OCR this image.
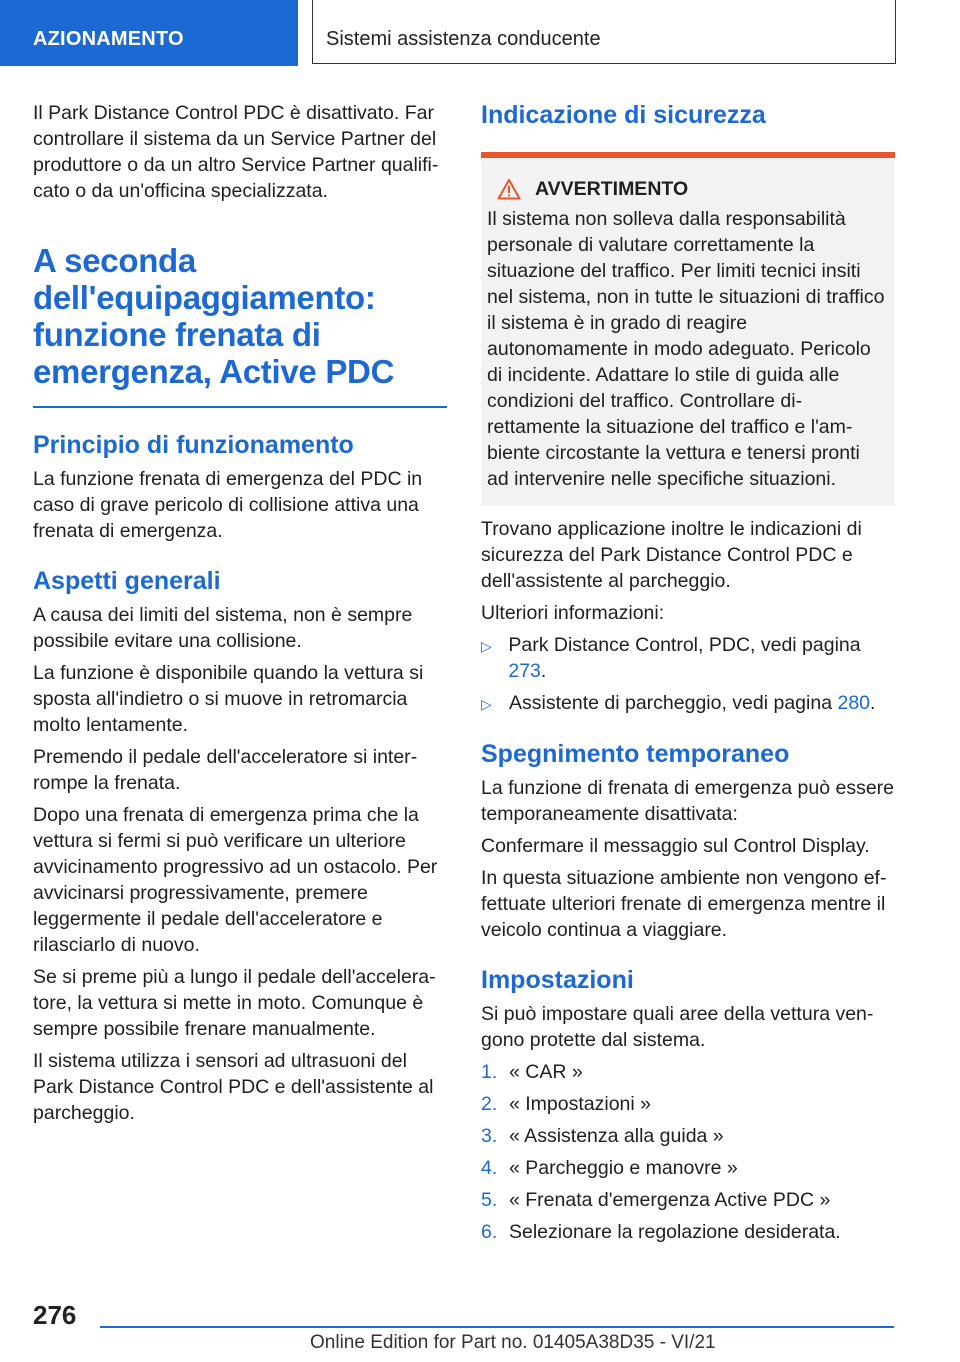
AZIONAMENTO	Sistemi assistenza conducente

Il Park Distance Control PDC è disattivato. Far controllare il sistema da un Service Partner del produttore o da un altro Service Partner qualificato o da un'officina specializzata.

A seconda dell'equipaggiamento: funzione frenata di emergenza, Active PDC
Principio di funzionamento

La funzione frenata di emergenza del PDC in caso di grave pericolo di collisione attiva una frenata di emergenza.

Aspetti generali

A causa dei limiti del sistema, non è sempre possibile evitare una collisione.

La funzione è disponibile quando la vettura si sposta all'indietro o si muove in retromarcia molto lentamente.

Premendo il pedale dell'acceleratore si interrompe la frenata.

Dopo una frenata di emergenza prima che la vettura si fermi si può verificare un ulteriore avvicinamento progressivo ad un ostacolo. Per avvicinarsi progressivamente, premere leggermente il pedale dell'acceleratore e rilasciarlo di nuovo.

Se si preme più a lungo il pedale dell'acceleratore, la vettura si mette in moto. Comunque è sempre possibile frenare manualmente.

Il sistema utilizza i sensori ad ultrasuoni del Park Distance Control PDC e dell'assistente al parcheggio.

Indicazione di sicurezza
AVVERTIMENTO
Il sistema non solleva dalla responsabilità personale di valutare correttamente la situazione del traffico. Per limiti tecnici insiti nel sistema, non in tutte le situazioni di traffico il sistema è in grado di reagire autonomamente in modo adeguato. Pericolo di incidente. Adattare lo stile di guida alle condizioni del traffico. Controllare direttamente la situazione del traffico e l'ambiente circostante la vettura e tenersi pronti ad intervenire nelle specifiche situazioni.

Trovano applicazione inoltre le indicazioni di sicurezza del Park Distance Control PDC e dell'assistente al parcheggio.

Ulteriori informazioni:

▷ Park Distance Control, PDC, vedi pagina 273.
▷ Assistente di parcheggio, vedi pagina 280.
Spegnimento temporaneo

La funzione di frenata di emergenza può essere temporaneamente disattivata:

Confermare il messaggio sul Control Display.

In questa situazione ambiente non vengono effettuate ulteriori frenate di emergenza mentre il veicolo continua a viaggiare.

Impostazioni

Si può impostare quali aree della vettura vengono protette dal sistema.

1. « CAR »
2. « Impostazioni »
3. « Assistenza alla guida »
4. « Parcheggio e manovre »
5. « Frenata d'emergenza Active PDC »
6. Selezionare la regolazione desiderata.
276
Online Edition for Part no. 01405A38D35 - VI/21
